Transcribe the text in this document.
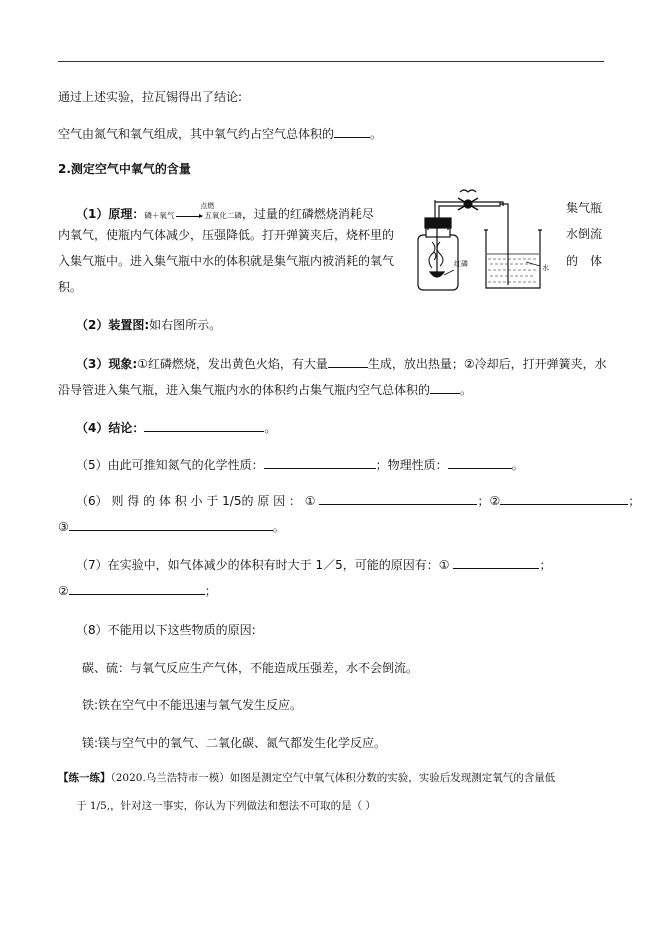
通过上述实验，拉瓦锡得出了结论:
空气由氮气和氧气组成，其中氧气约占空气总体积的	。
2.测定空气中氧气的含量
（1）原理：磷＋氧气 →
点燃
五氧化二磷，过量的红磷燃烧消耗尽
内氧气，使瓶内气体减少，压强降低。打开弹簧夹后，烧杯里的
入集气瓶中。进入集气瓶中水的体积就是集气瓶内被消耗的氧气
积。
集气瓶
水倒流
的 体
红磷	水
（2）装置图:如右图所示。
（3）现象:①红磷燃烧，发出黄色火焰，有大量	生成，放出热量；②冷却后，打开弹簧夹，水
沿导管进入集气瓶，进入集气瓶内水的体积约占集气瓶内空气总体积的	。
（4）结论：	。
（5）由此可推知氮气的化学性质：	；物理性质：	。
（6） 则 得 的 体 积 小 于 1/5的 原 因 ： ①	；②	；
③	。
（7）在实验中，如气体减少的体积有时大于 1／5，可能的原因有：①	；
②	；
（8）不能用以下这些物质的原因:
碳、硫：与氧气反应生产气体，不能造成压强差，水不会倒流。
铁:铁在空气中不能迅速与氧气发生反应。
镁:镁与空气中的氧气、二氧化碳、氮气都发生化学反应。
【练一练】（2020.乌兰浩特市一模）如图是测定空气中氧气体积分数的实验，实验后发现测定氧气的含量低
于 1/5,，针对这一事实，你认为下列做法和想法不可取的是（ ）
